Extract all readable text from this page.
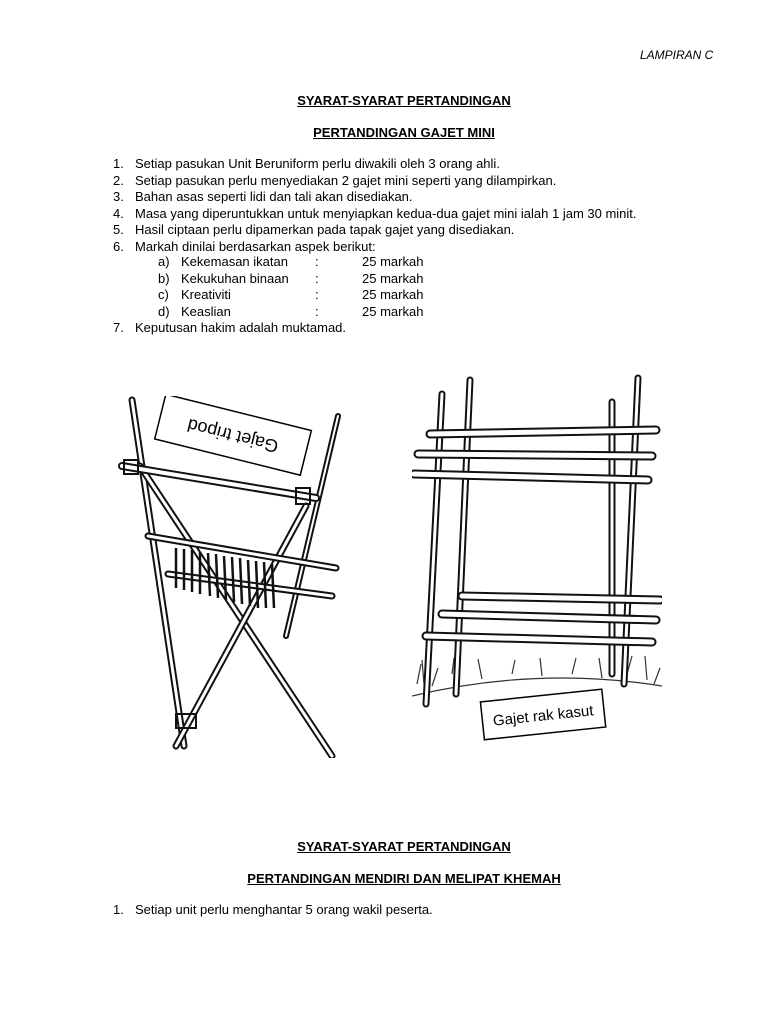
LAMPIRAN C
SYARAT-SYARAT PERTANDINGAN
PERTANDINGAN GAJET MINI
1. Setiap pasukan Unit Beruniform perlu diwakili oleh 3 orang ahli.
2. Setiap pasukan perlu menyediakan 2 gajet mini seperti yang dilampirkan.
3. Bahan asas seperti lidi dan tali akan disediakan.
4. Masa yang diperuntukkan untuk menyiapkan kedua-dua gajet mini ialah 1 jam 30 minit.
5. Hasil ciptaan perlu dipamerkan pada tapak gajet yang disediakan.
6. Markah dinilai berdasarkan aspek berikut:
a) Kekemasan ikatan :	25 markah
b) Kekukuhan binaan :	25 markah
c) Kreativiti	:	25 markah
d) Keaslian	:	25 markah
7. Keputusan hakim adalah muktamad.
Gajet tripod
Gajet rak kasut
SYARAT-SYARAT PERTANDINGAN
PERTANDINGAN MENDIRI DAN MELIPAT KHEMAH
1. Setiap unit perlu menghantar 5 orang wakil peserta.
